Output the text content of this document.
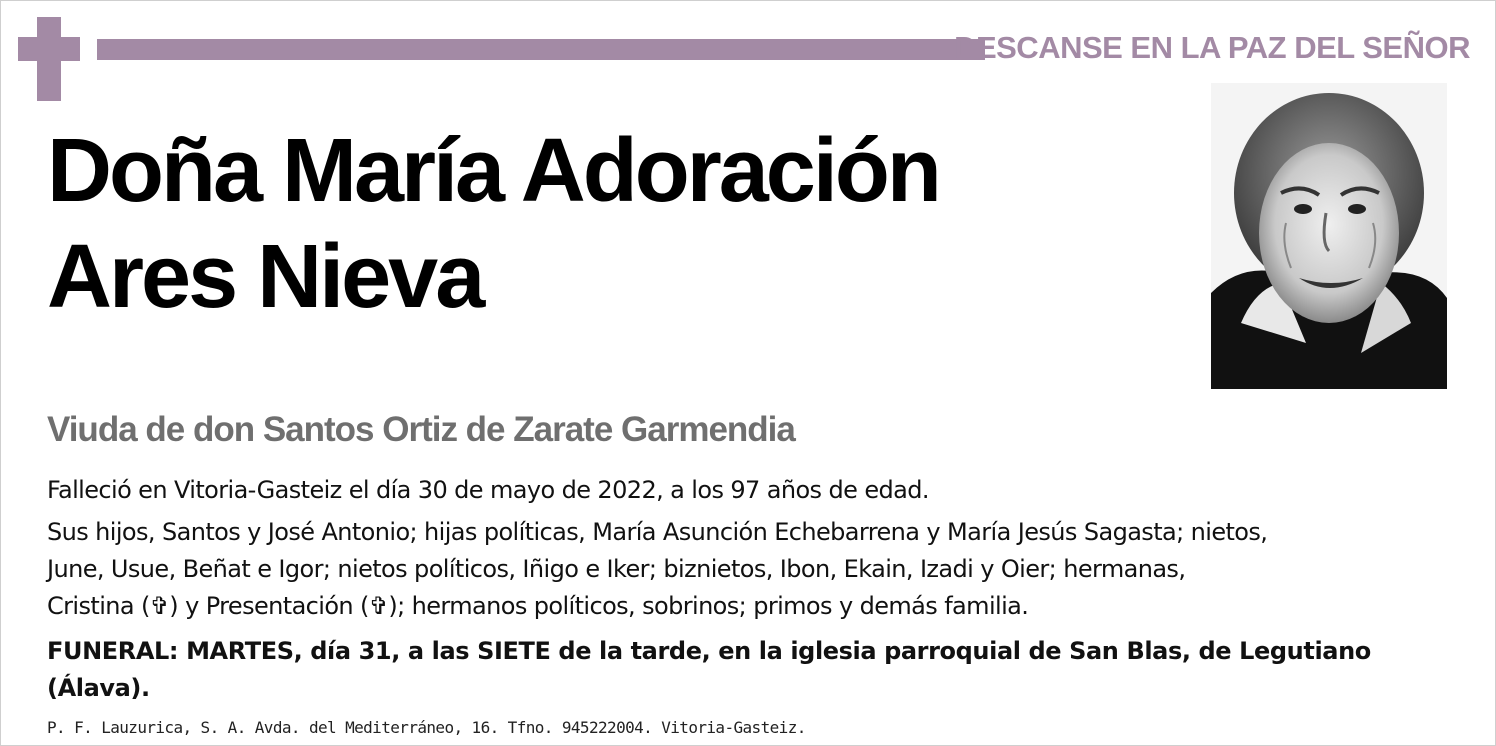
DESCANSE EN LA PAZ DEL SEÑOR
Doña María Adoración
Ares Nieva
Viuda de don Santos Ortiz de Zarate Garmendia
Falleció en Vitoria-Gasteiz el día 30 de mayo de 2022, a los 97 años de edad.
Sus hijos, Santos y José Antonio; hijas políticas, María Asunción Echebarrena y María Jesús Sagasta; nietos,
June, Usue, Beñat e Igor; nietos políticos, Iñigo e Iker; biznietos, Ibon, Ekain, Izadi y Oier; hermanas,
Cristina (✞) y Presentación (✞); hermanos políticos, sobrinos; primos y demás familia.
FUNERAL: MARTES, día 31, a las SIETE de la tarde, en la iglesia parroquial de San Blas, de Legutiano
(Álava).
P. F. Lauzurica, S. A. Avda. del Mediterráneo, 16. Tfno. 945222004. Vitoria-Gasteiz.
